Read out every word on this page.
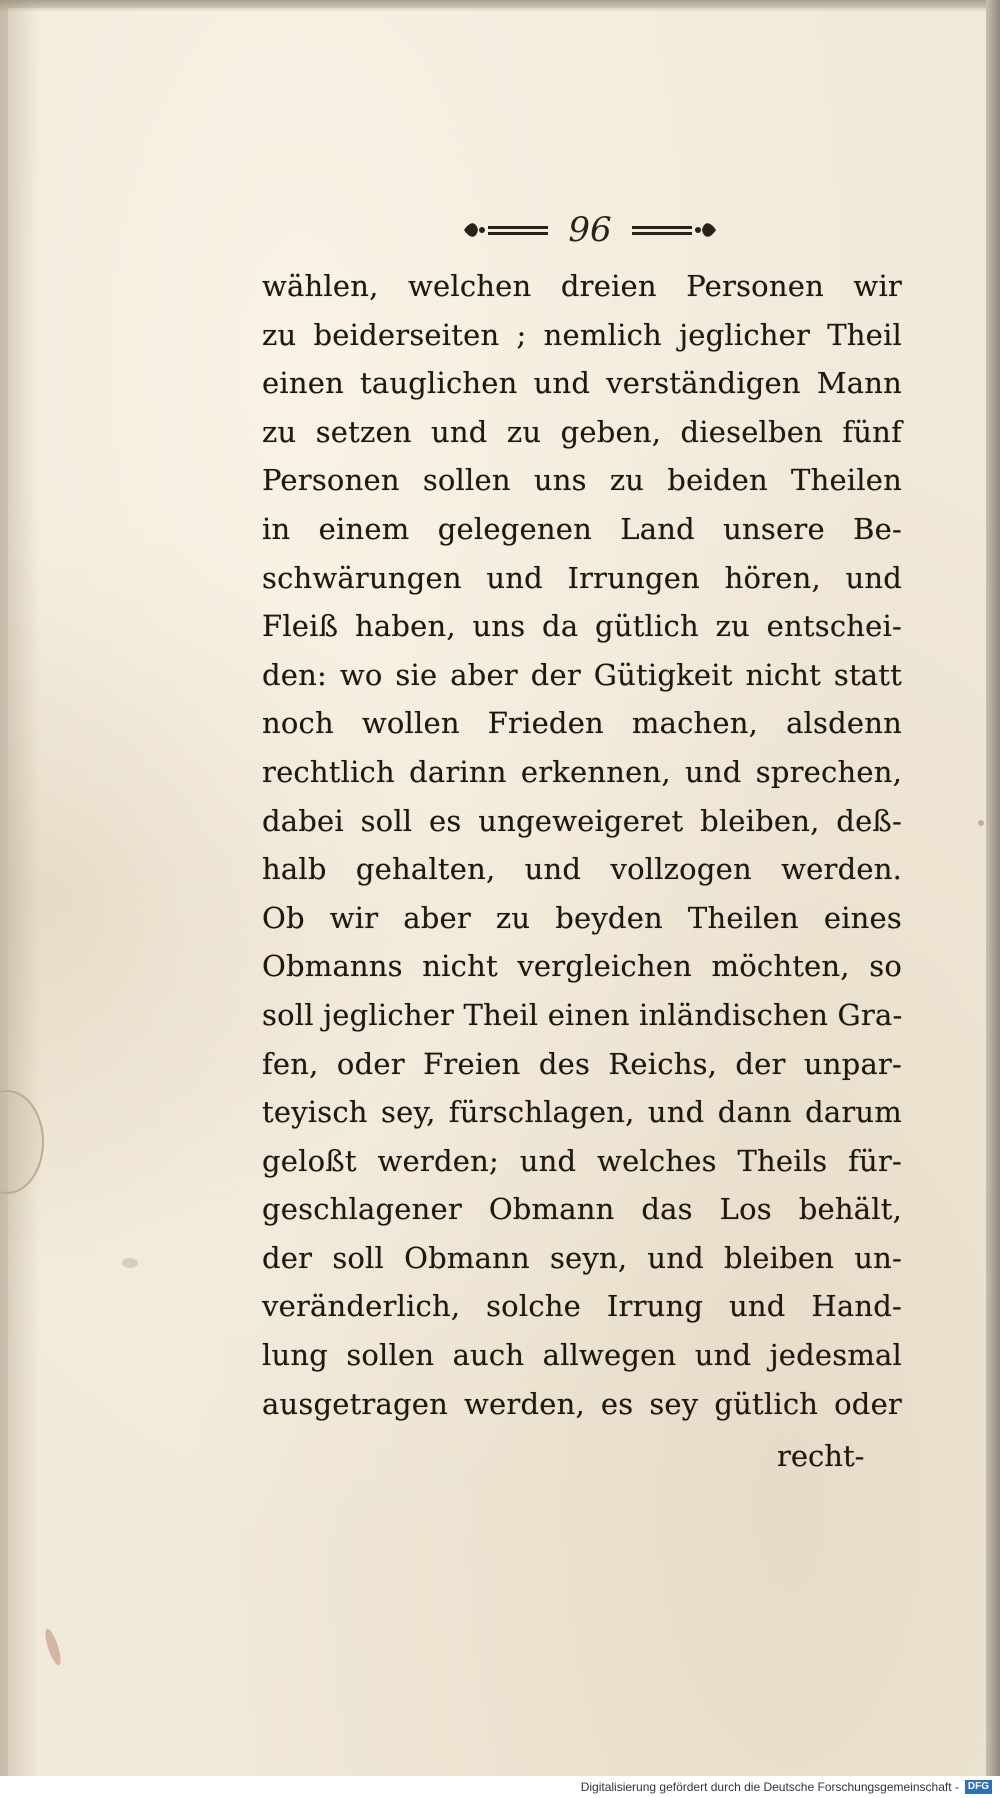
96
wählen, welchen dreien Personen wir
zu beiderseiten ; nemlich jeglicher Theil
einen tauglichen und verständigen Mann
zu setzen und zu geben, dieselben fünf
Personen sollen uns zu beiden Theilen
in einem gelegenen Land unsere Be-
schwärungen und Irrungen hören, und
Fleiß haben, uns da gütlich zu entschei-
den: wo sie aber der Gütigkeit nicht statt
noch wollen Frieden machen, alsdenn
rechtlich darinn erkennen, und sprechen,
dabei soll es ungeweigeret bleiben, deß-
halb gehalten, und vollzogen werden.
Ob wir aber zu beyden Theilen eines
Obmanns nicht vergleichen möchten, so
soll jeglicher Theil einen inländischen Gra-
fen, oder Freien des Reichs, der unpar-
teyisch sey, fürschlagen, und dann darum
geloßt werden; und welches Theils für-
geschlagener Obmann das Los behält,
der soll Obmann seyn, und bleiben un-
veränderlich, solche Irrung und Hand-
lung sollen auch allwegen und jedesmal
ausgetragen werden, es sey gütlich oder
recht-
Digitalisierung gefördert durch die Deutsche Forschungsgemeinschaft - DFG
